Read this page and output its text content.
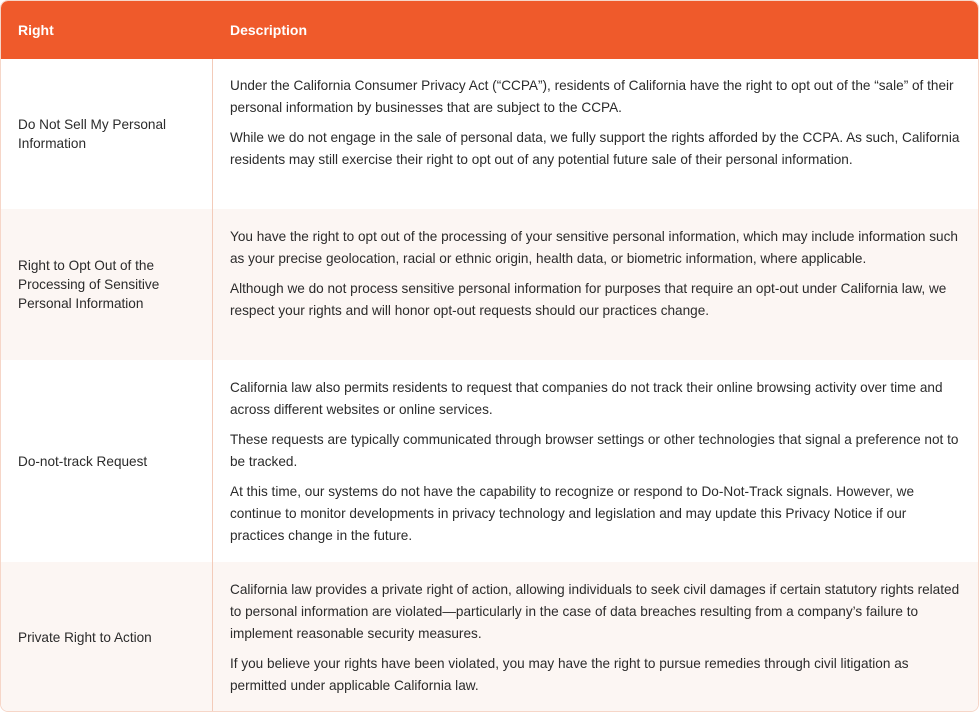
Right	Description
Do Not Sell My Personal Information

Under the California Consumer Privacy Act (“CCPA”), residents of California have the right to opt out of the “sale” of their personal information by businesses that are subject to the CCPA.

While we do not engage in the sale of personal data, we fully support the rights afforded by the CCPA. As such, California residents may still exercise their right to opt out of any potential future sale of their personal information.

Right to Opt Out of the Processing of Sensitive Personal Information

You have the right to opt out of the processing of your sensitive personal information, which may include information such as your precise geolocation, racial or ethnic origin, health data, or biometric information, where applicable.

Although we do not process sensitive personal information for purposes that require an opt-out under California law, we respect your rights and will honor opt-out requests should our practices change.

Do-not-track Request

California law also permits residents to request that companies do not track their online browsing activity over time and across different websites or online services.

These requests are typically communicated through browser settings or other technologies that signal a preference not to be tracked.

At this time, our systems do not have the capability to recognize or respond to Do-Not-Track signals. However, we continue to monitor developments in privacy technology and legislation and may update this Privacy Notice if our practices change in the future.

Private Right to Action

California law provides a private right of action, allowing individuals to seek civil damages if certain statutory rights related to personal information are violated—particularly in the case of data breaches resulting from a company’s failure to implement reasonable security measures.

If you believe your rights have been violated, you may have the right to pursue remedies through civil litigation as permitted under applicable California law.
